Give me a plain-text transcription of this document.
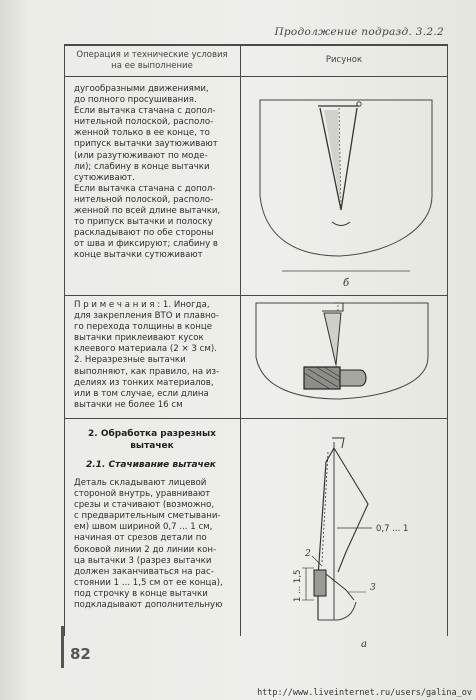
Продолжение подразд. 3.2.2
Операция и технические условия
на ее выполнение
Рисунок

дугообразными движениями,

до полного просушивания.

Если вытачка стачана с допол-

нительной полоской, располо-

женной только в ее конце, то

припуск вытачки заутюживают

(или разутюживают по моде-

ли); слабину в конце вытачки

сутюживают.

Если вытачка стачана с допол-

нительной полоской, располо-

женной по всей длине вытачки,

то припуск вытачки и полоску

раскладывают по обе стороны

от шва и фиксируют; слабину в

конце вытачки сутюживают

б

П р и м е ч а н и я : 1. Иногда,

для закрепления ВТО и плавно-

го перехода толщины в конце

вытачки приклеивают кусок

клеевого материала (2 × 3 см).

2. Неразрезные вытачки

выполняют, как правило, на из-

делиях из тонких материалов,

или в том случае, если длина

вытачки не более 16 см

2. Обработка разрезных
вытачек
2.1. Стачивание вытачек

Деталь складывают лицевой

стороной внутрь, уравнивают

срезы и стачивают (возможно,

с предварительным сметывани-

ем) швом шириной 0,7 ... 1 см,

начиная от срезов детали по

боковой линии 2 до линии кон-

ца вытачки 3 (разрез вытачки

должен заканчиваться на рас-

стоянии 1 ... 1,5 см от ее конца),

под строчку в конце вытачки

подкладывают дополнительную

0,7 ... 1
1 ... 1,5
2
3
а
82
http://www.liveinternet.ru/users/galina_ov
